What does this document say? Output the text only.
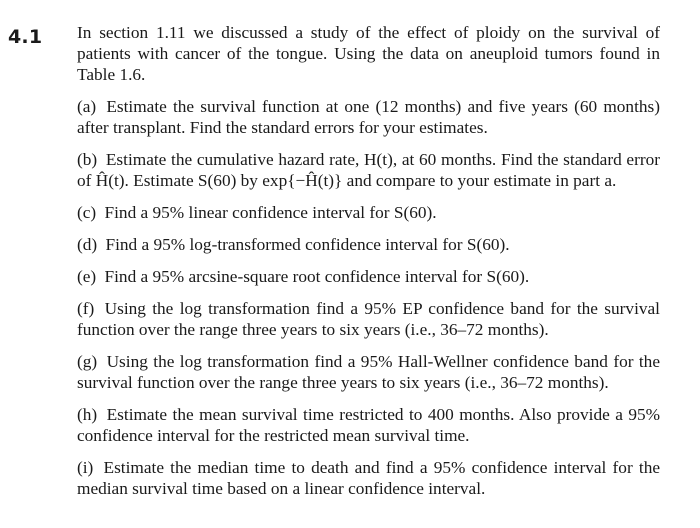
4.1 In section 1.11 we discussed a study of the effect of ploidy on the survival of patients with cancer of the tongue. Using the data on aneuploid tumors found in Table 1.6.

(a) Estimate the survival function at one (12 months) and five years (60 months) after transplant. Find the standard errors for your estimates.

(b) Estimate the cumulative hazard rate, H(t), at 60 months. Find the standard error of Ĥ(t). Estimate S(60) by exp{−Ĥ(t)} and compare to your estimate in part a.

(c) Find a 95% linear confidence interval for S(60).

(d) Find a 95% log-transformed confidence interval for S(60).

(e) Find a 95% arcsine-square root confidence interval for S(60).

(f) Using the log transformation find a 95% EP confidence band for the survival function over the range three years to six years (i.e., 36–72 months).

(g) Using the log transformation find a 95% Hall-Wellner confidence band for the survival function over the range three years to six years (i.e., 36–72 months).

(h) Estimate the mean survival time restricted to 400 months. Also provide a 95% confidence interval for the restricted mean survival time.

(i) Estimate the median time to death and find a 95% confidence interval for the median survival time based on a linear confidence interval.
